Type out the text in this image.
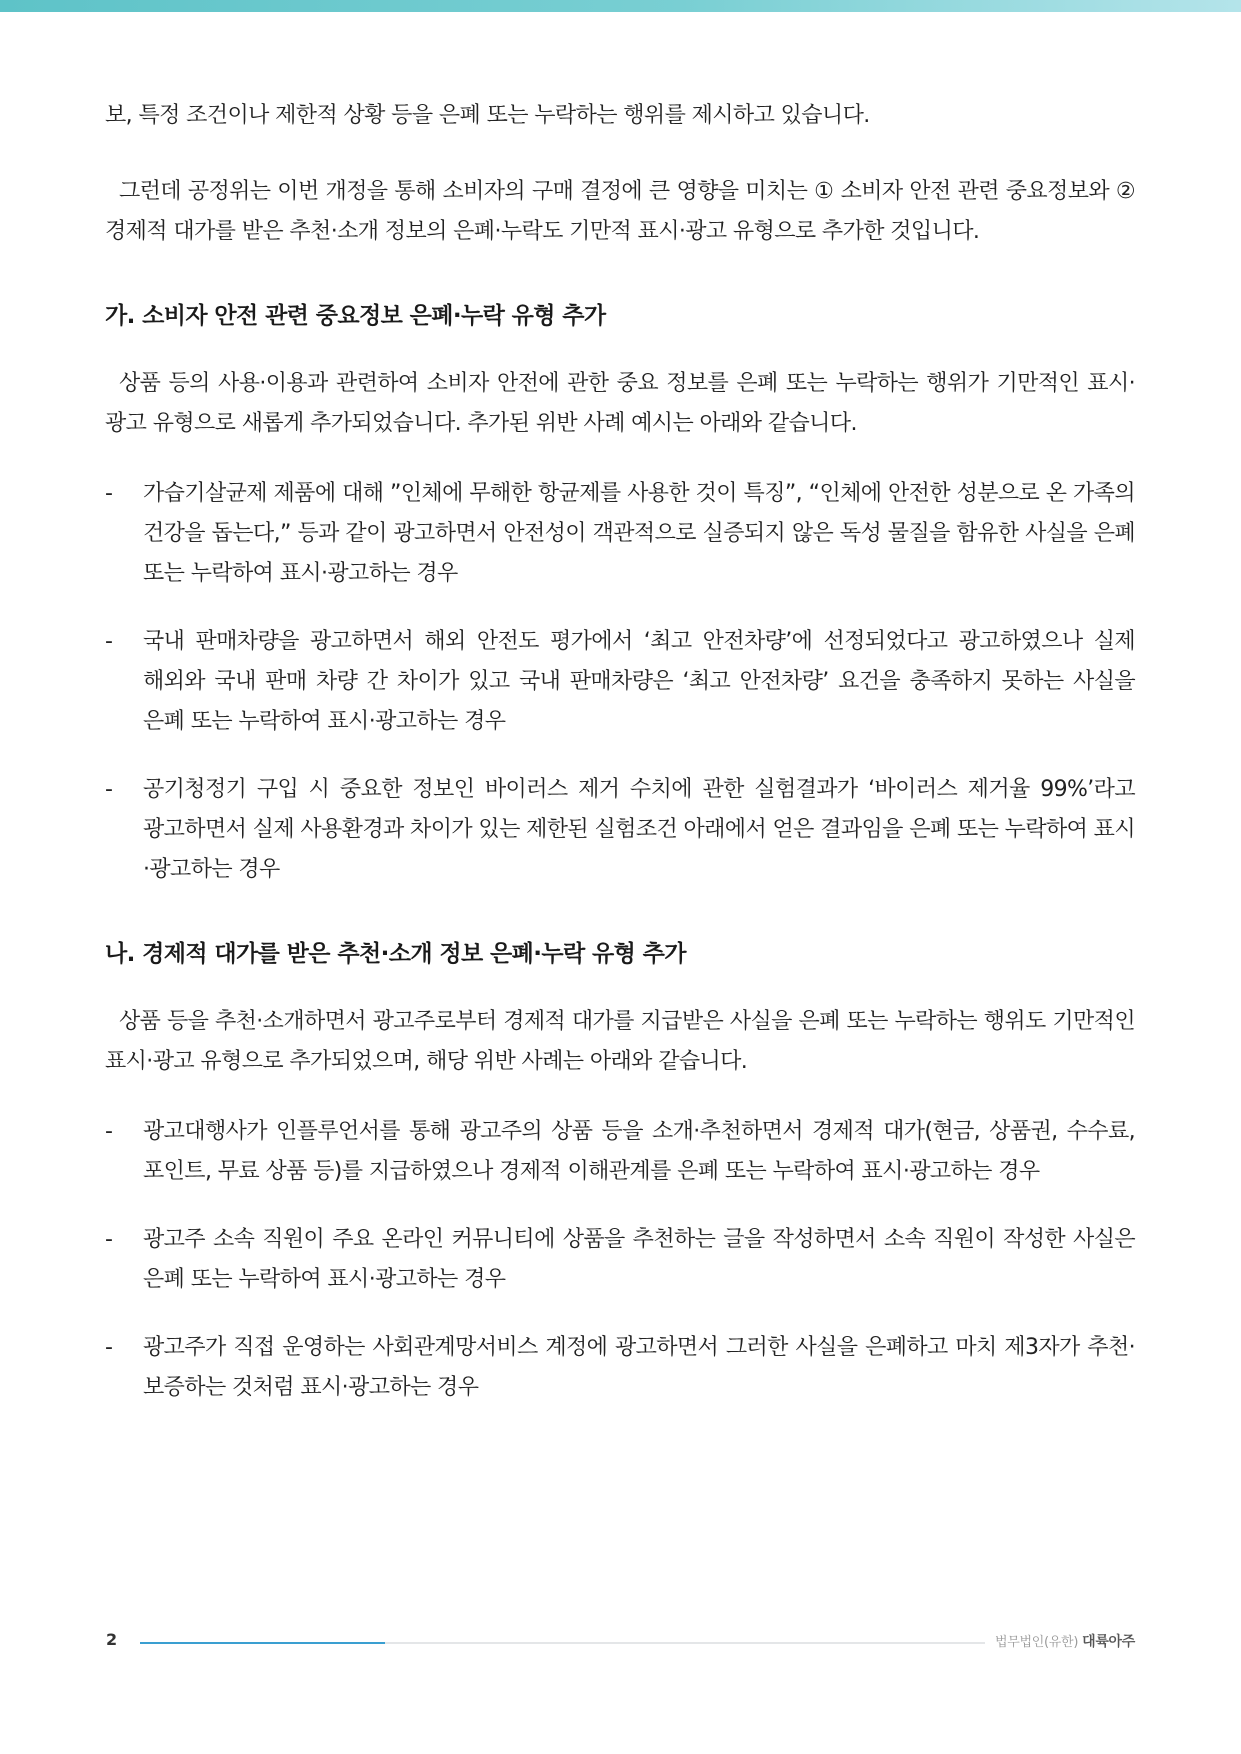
보, 특정 조건이나 제한적 상황 등을 은폐 또는 누락하는 행위를 제시하고 있습니다.

그런데 공정위는 이번 개정을 통해 소비자의 구매 결정에 큰 영향을 미치는 ① 소비자 안전 관련 중요정보와 ② 경제적 대가를 받은 추천·소개 정보의 은폐·누락도 기만적 표시·광고 유형으로 추가한 것입니다.

가. 소비자 안전 관련 중요정보 은폐·누락 유형 추가

상품 등의 사용·이용과 관련하여 소비자 안전에 관한 중요 정보를 은폐 또는 누락하는 행위가 기만적인 표시·광고 유형으로 새롭게 추가되었습니다. 추가된 위반 사례 예시는 아래와 같습니다.

- 가습기살균제 제품에 대해 ”인체에 무해한 항균제를 사용한 것이 특징”, “인체에 안전한 성분으로 온 가족의 건강을 돕는다,” 등과 같이 광고하면서 안전성이 객관적으로 실증되지 않은 독성 물질을 함유한 사실을 은폐 또는 누락하여 표시·광고하는 경우
- 국내 판매차량을 광고하면서 해외 안전도 평가에서 ‘최고 안전차량’에 선정되었다고 광고하였으나 실제 해외와 국내 판매 차량 간 차이가 있고 국내 판매차량은 ‘최고 안전차량’ 요건을 충족하지 못하는 사실을 은폐 또는 누락하여 표시·광고하는 경우
- 공기청정기 구입 시 중요한 정보인 바이러스 제거 수치에 관한 실험결과가 ‘바이러스 제거율 99%’라고 광고하면서 실제 사용환경과 차이가 있는 제한된 실험조건 아래에서 얻은 결과임을 은폐 또는 누락하여 표시·광고하는 경우
나. 경제적 대가를 받은 추천·소개 정보 은폐·누락 유형 추가

상품 등을 추천·소개하면서 광고주로부터 경제적 대가를 지급받은 사실을 은폐 또는 누락하는 행위도 기만적인 표시·광고 유형으로 추가되었으며, 해당 위반 사례는 아래와 같습니다.

- 광고대행사가 인플루언서를 통해 광고주의 상품 등을 소개·추천하면서 경제적 대가(현금, 상품권, 수수료, 포인트, 무료 상품 등)를 지급하였으나 경제적 이해관계를 은폐 또는 누락하여 표시·광고하는 경우
- 광고주 소속 직원이 주요 온라인 커뮤니티에 상품을 추천하는 글을 작성하면서 소속 직원이 작성한 사실은 은폐 또는 누락하여 표시·광고하는 경우
- 광고주가 직접 운영하는 사회관계망서비스 계정에 광고하면서 그러한 사실을 은폐하고 마치 제3자가 추천·보증하는 것처럼 표시·광고하는 경우
2	법무법인(유한) 대륙아주
